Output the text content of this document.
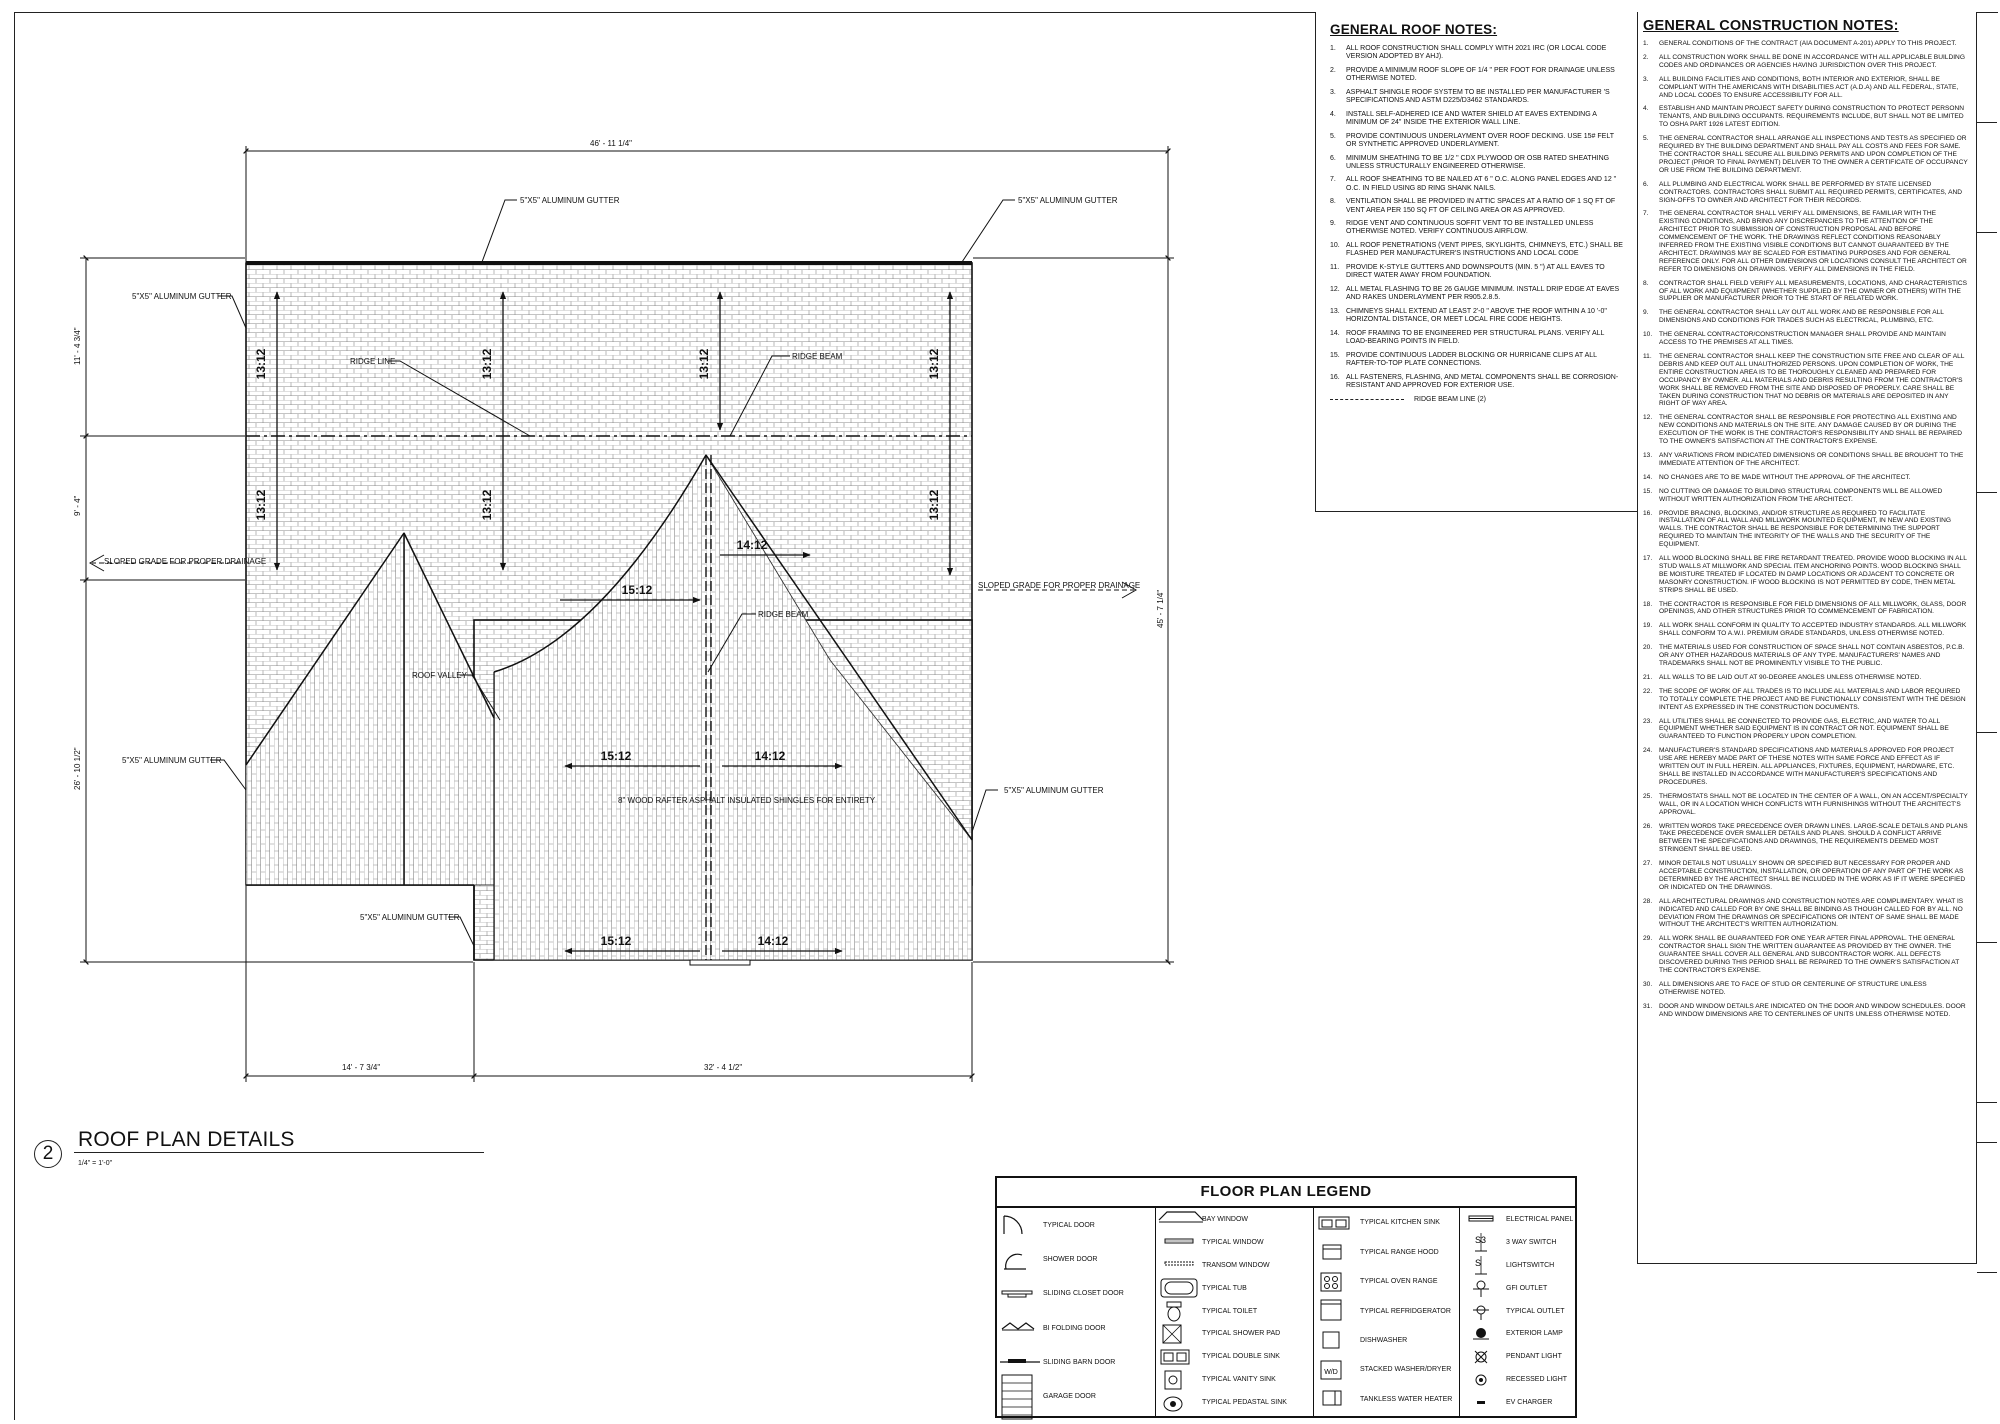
13:12
13:12
13:12
13:12
13:12	13:12
13:12
14:12
15:12
15:12	14:12
15:12	14:12
46' - 11 1/4"
14' - 7 3/4"	32' - 4 1/2"
11' - 4 3/4"
9' - 4"
26' - 10 1/2"
45' - 7 1/4"
5"X5" ALUMINUM GUTTER	5"X5" ALUMINUM GUTTER
5"X5" ALUMINUM GUTTER
5"X5" ALUMINUM GUTTER
5"X5" ALUMINUM GUTTER
5"X5" ALUMINUM GUTTER
RIDGE LINE
RIDGE BEAM
RIDGE BEAM
ROOF VALLEY
8" WOOD RAFTER ASPHALT INSULATED SHINGLES FOR ENTIRETY
SLOPED GRADE FOR PROPER DRAINAGE
SLOPED GRADE FOR PROPER DRAINAGE
2
ROOF PLAN DETAILS
1/4" = 1'-0"
GENERAL ROOF NOTES:
1.	ALL ROOF CONSTRUCTION SHALL COMPLY WITH 2021 IRC (OR LOCAL CODE VERSION ADOPTED BY AHJ).
2.	PROVIDE A MINIMUM ROOF SLOPE OF 1/4 " PER FOOT FOR DRAINAGE UNLESS OTHERWISE NOTED.
3.	ASPHALT SHINGLE ROOF SYSTEM TO BE INSTALLED PER MANUFACTURER 'S SPECIFICATIONS AND ASTM D225/D3462 STANDARDS.
4.	INSTALL SELF-ADHERED ICE AND WATER SHIELD AT EAVES EXTENDING A MINIMUM OF 24" INSIDE THE EXTERIOR WALL LINE.
5.	PROVIDE CONTINUOUS UNDERLAYMENT OVER ROOF DECKING. USE 15# FELT OR SYNTHETIC APPROVED UNDERLAYMENT.
6.	MINIMUM SHEATHING TO BE 1/2 " CDX PLYWOOD OR OSB RATED SHEATHING UNLESS STRUCTURALLY ENGINEERED OTHERWISE.
7.	ALL ROOF SHEATHING TO BE NAILED AT 6 " O.C. ALONG PANEL EDGES AND 12 " O.C. IN FIELD USING 8D RING SHANK NAILS.
8.	VENTILATION SHALL BE PROVIDED IN ATTIC SPACES AT A RATIO OF 1 SQ FT OF VENT AREA PER 150 SQ FT OF CEILING AREA OR AS APPROVED.
9.	RIDGE VENT AND CONTINUOUS SOFFIT VENT TO BE INSTALLED UNLESS OTHERWISE NOTED. VERIFY CONTINUOUS AIRFLOW.
10. ALL ROOF PENETRATIONS (VENT PIPES, SKYLIGHTS, CHIMNEYS, ETC.) SHALL BE FLASHED PER MANUFACTURER'S INSTRUCTIONS AND LOCAL CODE
11. PROVIDE K-STYLE GUTTERS AND DOWNSPOUTS (MIN. 5 ") AT ALL EAVES TO DIRECT WATER AWAY FROM FOUNDATION.
12. ALL METAL FLASHING TO BE 26 GAUGE MINIMUM. INSTALL DRIP EDGE AT EAVES AND RAKES UNDERLAYMENT PER R905.2.8.5.
13. CHIMNEYS SHALL EXTEND AT LEAST 2'-0 " ABOVE THE ROOF WITHIN A 10 '-0" HORIZONTAL DISTANCE, OR MEET LOCAL FIRE CODE HEIGHTS.
14. ROOF FRAMING TO BE ENGINEERED PER STRUCTURAL PLANS. VERIFY ALL LOAD-BEARING POINTS IN FIELD.
15. PROVIDE CONTINUOUS LADDER BLOCKING OR HURRICANE CLIPS AT ALL RAFTER-TO-TOP PLATE CONNECTIONS.
16. ALL FASTENERS, FLASHING, AND METAL COMPONENTS SHALL BE CORROSION-RESISTANT AND APPROVED FOR EXTERIOR USE.
RIDGE BEAM LINE (2)
GENERAL CONSTRUCTION NOTES:
1.	GENERAL CONDITIONS OF THE CONTRACT (AIA DOCUMENT A-201) APPLY TO THIS PROJECT.
2.	ALL CONSTRUCTION WORK SHALL BE DONE IN ACCORDANCE WITH ALL APPLICABLE BUILDING CODES AND ORDINANCES OR AGENCIES HAVING JURISDICTION OVER THIS PROJECT.
3.	ALL BUILDING FACILITIES AND CONDITIONS, BOTH INTERIOR AND EXTERIOR, SHALL BE COMPLIANT WITH THE AMERICANS WITH DISABILITIES ACT (A.D.A) AND ALL FEDERAL, STATE, AND LOCAL CODES TO ENSURE ACCESSIBILITY FOR ALL.
4.	ESTABLISH AND MAINTAIN PROJECT SAFETY DURING CONSTRUCTION TO PROTECT PERSONN TENANTS, AND BUILDING OCCUPANTS. REQUIREMENTS INCLUDE, BUT SHALL NOT BE LIMITED TO OSHA PART 1926 LATEST EDITION.
5.	THE GENERAL CONTRACTOR SHALL ARRANGE ALL INSPECTIONS AND TESTS AS SPECIFIED OR REQUIRED BY THE BUILDING DEPARTMENT AND SHALL PAY ALL COSTS AND FEES FOR SAME. THE CONTRACTOR SHALL SECURE ALL BUILDING PERMITS AND UPON COMPLETION OF THE PROJECT (PRIOR TO FINAL PAYMENT) DELIVER TO THE OWNER A CERTIFICATE OF OCCUPANCY OR USE FROM THE BUILDING DEPARTMENT.
6.	ALL PLUMBING AND ELECTRICAL WORK SHALL BE PERFORMED BY STATE LICENSED CONTRACTORS. CONTRACTORS SHALL SUBMIT ALL REQUIRED PERMITS, CERTIFICATES, AND SIGN-OFFS TO OWNER AND ARCHITECT FOR THEIR RECORDS.
7.	THE GENERAL CONTRACTOR SHALL VERIFY ALL DIMENSIONS, BE FAMILIAR WITH THE EXISTING CONDITIONS, AND BRING ANY DISCREPANCIES TO THE ATTENTION OF THE ARCHITECT PRIOR TO SUBMISSION OF CONSTRUCTION PROPOSAL AND BEFORE COMMENCEMENT OF THE WORK. THE DRAWINGS REFLECT CONDITIONS REASONABLY INFERRED FROM THE EXISTING VISIBLE CONDITIONS BUT CANNOT GUARANTEED BY THE ARCHITECT. DRAWINGS MAY BE SCALED FOR ESTIMATING PURPOSES AND FOR GENERAL REFERENCE ONLY. FOR ALL OTHER DIMENSIONS OR LOCATIONS CONSULT THE ARCHITECT OR REFER TO DIMENSIONS ON DRAWINGS. VERIFY ALL DIMENSIONS IN THE FIELD.
8.	CONTRACTOR SHALL FIELD VERIFY ALL MEASUREMENTS, LOCATIONS, AND CHARACTERISTICS OF ALL WORK AND EQUIPMENT (WHETHER SUPPLIED BY THE OWNER OR OTHERS) WITH THE SUPPLIER OR MANUFACTURER PRIOR TO THE START OF RELATED WORK.
9.	THE GENERAL CONTRACTOR SHALL LAY OUT ALL WORK AND BE RESPONSIBLE FOR ALL DIMENSIONS AND CONDITIONS FOR TRADES SUCH AS ELECTRICAL, PLUMBING, ETC.
10.	THE GENERAL CONTRACTOR/CONSTRUCTION MANAGER SHALL PROVIDE AND MAINTAIN ACCESS TO THE PREMISES AT ALL TIMES.
11.	THE GENERAL CONTRACTOR SHALL KEEP THE CONSTRUCTION SITE FREE AND CLEAR OF ALL DEBRIS AND KEEP OUT ALL UNAUTHORIZED PERSONS. UPON COMPLETION OF WORK, THE ENTIRE CONSTRUCTION AREA IS TO BE THOROUGHLY CLEANED AND PREPARED FOR OCCUPANCY BY OWNER. ALL MATERIALS AND DEBRIS RESULTING FROM THE CONTRACTOR'S WORK SHALL BE REMOVED FROM THE SITE AND DISPOSED OF PROPERLY. CARE SHALL BE TAKEN DURING CONSTRUCTION THAT NO DEBRIS OR MATERIALS ARE DEPOSITED IN ANY RIGHT OF WAY AREA.
12.	THE GENERAL CONTRACTOR SHALL BE RESPONSIBLE FOR PROTECTING ALL EXISTING AND NEW CONDITIONS AND MATERIALS ON THE SITE. ANY DAMAGE CAUSED BY OR DURING THE EXECUTION OF THE WORK IS THE CONTRACTOR'S RESPONSIBILITY AND SHALL BE REPAIRED TO THE OWNER'S SATISFACTION AT THE CONTRACTOR'S EXPENSE.
13.	ANY VARIATIONS FROM INDICATED DIMENSIONS OR CONDITIONS SHALL BE BROUGHT TO THE IMMEDIATE ATTENTION OF THE ARCHITECT.
14.	NO CHANGES ARE TO BE MADE WITHOUT THE APPROVAL OF THE ARCHITECT.
15.	NO CUTTING OR DAMAGE TO BUILDING STRUCTURAL COMPONENTS WILL BE ALLOWED WITHOUT WRITTEN AUTHORIZATION FROM THE ARCHITECT.
16.	PROVIDE BRACING, BLOCKING, AND/OR STRUCTURE AS REQUIRED TO FACILITATE INSTALLATION OF ALL WALL AND MILLWORK MOUNTED EQUIPMENT, IN NEW AND EXISTING WALLS. THE CONTRACTOR SHALL BE RESPONSIBLE FOR DETERMINING THE SUPPORT REQUIRED TO MAINTAIN THE INTEGRITY OF THE WALLS AND THE SECURITY OF THE EQUIPMENT.
17.	ALL WOOD BLOCKING SHALL BE FIRE RETARDANT TREATED. PROVIDE WOOD BLOCKING IN ALL STUD WALLS AT MILLWORK AND SPECIAL ITEM ANCHORING POINTS. WOOD BLOCKING SHALL BE MOISTURE TREATED IF LOCATED IN DAMP LOCATIONS OR ADJACENT TO CONCRETE OR MASONRY CONSTRUCTION. IF WOOD BLOCKING IS NOT PERMITTED BY CODE, THEN METAL STRIPS SHALL BE USED.
18.	THE CONTRACTOR IS RESPONSIBLE FOR FIELD DIMENSIONS OF ALL MILLWORK, GLASS, DOOR OPENINGS, AND OTHER STRUCTURES PRIOR TO COMMENCEMENT OF FABRICATION.
19.	ALL WORK SHALL CONFORM IN QUALITY TO ACCEPTED INDUSTRY STANDARDS. ALL MILLWORK SHALL CONFORM TO A.W.I. PREMIUM GRADE STANDARDS, UNLESS OTHERWISE NOTED.
20.	THE MATERIALS USED FOR CONSTRUCTION OF SPACE SHALL NOT CONTAIN ASBESTOS, P.C.B. OR ANY OTHER HAZARDOUS MATERIALS OF ANY TYPE. MANUFACTURERS' NAMES AND TRADEMARKS SHALL NOT BE PROMINENTLY VISIBLE TO THE PUBLIC.
21.	ALL WALLS TO BE LAID OUT AT 90-DEGREE ANGLES UNLESS OTHERWISE NOTED.
22.	THE SCOPE OF WORK OF ALL TRADES IS TO INCLUDE ALL MATERIALS AND LABOR REQUIRED TO TOTALLY COMPLETE THE PROJECT AND BE FUNCTIONALLY CONSISTENT WITH THE DESIGN INTENT AS EXPRESSED IN THE CONSTRUCTION DOCUMENTS.
23.	ALL UTILITIES SHALL BE CONNECTED TO PROVIDE GAS, ELECTRIC, AND WATER TO ALL EQUIPMENT WHETHER SAID EQUIPMENT IS IN CONTRACT OR NOT. EQUIPMENT SHALL BE GUARANTEED TO FUNCTION PROPERLY UPON COMPLETION.
24.	MANUFACTURER'S STANDARD SPECIFICATIONS AND MATERIALS APPROVED FOR PROJECT USE ARE HEREBY MADE PART OF THESE NOTES WITH SAME FORCE AND EFFECT AS IF WRITTEN OUT IN FULL HEREIN. ALL APPLIANCES, FIXTURES, EQUIPMENT, HARDWARE, ETC. SHALL BE INSTALLED IN ACCORDANCE WITH MANUFACTURER'S SPECIFICATIONS AND PROCEDURES.
25.	THERMOSTATS SHALL NOT BE LOCATED IN THE CENTER OF A WALL, ON AN ACCENT/SPECIALTY WALL, OR IN A LOCATION WHICH CONFLICTS WITH FURNISHINGS WITHOUT THE ARCHITECT'S APPROVAL.
26.	WRITTEN WORDS TAKE PRECEDENCE OVER DRAWN LINES. LARGE-SCALE DETAILS AND PLANS TAKE PRECEDENCE OVER SMALLER DETAILS AND PLANS. SHOULD A CONFLICT ARRIVE BETWEEN THE SPECIFICATIONS AND DRAWINGS, THE REQUIREMENTS DEEMED MOST STRINGENT SHALL BE USED.
27.	MINOR DETAILS NOT USUALLY SHOWN OR SPECIFIED BUT NECESSARY FOR PROPER AND ACCEPTABLE CONSTRUCTION, INSTALLATION, OR OPERATION OF ANY PART OF THE WORK AS DETERMINED BY THE ARCHITECT SHALL BE INCLUDED IN THE WORK AS IF IT WERE SPECIFIED OR INDICATED ON THE DRAWINGS.
28.	ALL ARCHITECTURAL DRAWINGS AND CONSTRUCTION NOTES ARE COMPLIMENTARY. WHAT IS INDICATED AND CALLED FOR BY ONE SHALL BE BINDING AS THOUGH CALLED FOR BY ALL. NO DEVIATION FROM THE DRAWINGS OR SPECIFICATIONS OR INTENT OF SAME SHALL BE MADE WITHOUT THE ARCHITECT'S WRITTEN AUTHORIZATION.
29.	ALL WORK SHALL BE GUARANTEED FOR ONE YEAR AFTER FINAL APPROVAL. THE GENERAL CONTRACTOR SHALL SIGN THE WRITTEN GUARANTEE AS PROVIDED BY THE OWNER. THE GUARANTEE SHALL COVER ALL GENERAL AND SUBCONTRACTOR WORK. ALL DEFECTS DISCOVERED DURING THIS PERIOD SHALL BE REPAIRED TO THE OWNER'S SATISFACTION AT THE CONTRACTOR'S EXPENSE.
30.	ALL DIMENSIONS ARE TO FACE OF STUD OR CENTERLINE OF STRUCTURE UNLESS OTHERWISE NOTED.
31.	DOOR AND WINDOW DETAILS ARE INDICATED ON THE DOOR AND WINDOW SCHEDULES. DOOR AND WINDOW DIMENSIONS ARE TO CENTERLINES OF UNITS UNLESS OTHERWISE NOTED.
FLOOR PLAN LEGEND
TYPICAL DOOR
SHOWER DOOR
SLIDING CLOSET DOOR
BI FOLDING DOOR
SLIDING BARN DOOR
GARAGE DOOR
BAY WINDOW
TYPICAL WINDOW
TRANSOM WINDOW
TYPICAL TUB
TYPICAL TOILET
TYPICAL SHOWER PAD
TYPICAL DOUBLE SINK
TYPICAL VANITY SINK
TYPICAL PEDASTAL SINK
TYPICAL KITCHEN SINK
TYPICAL RANGE HOOD
TYPICAL OVEN RANGE
TYPICAL REFRIDGERATOR
DISHWASHER
W/D	STACKED WASHER/DRYER
TANKLESS WATER HEATER
ELECTRICAL PANEL
S3	3 WAY SWITCH
S	LIGHTSWITCH
GFI OUTLET
TYPICAL OUTLET
EXTERIOR LAMP
PENDANT LIGHT
RECESSED LIGHT
EV CHARGER
